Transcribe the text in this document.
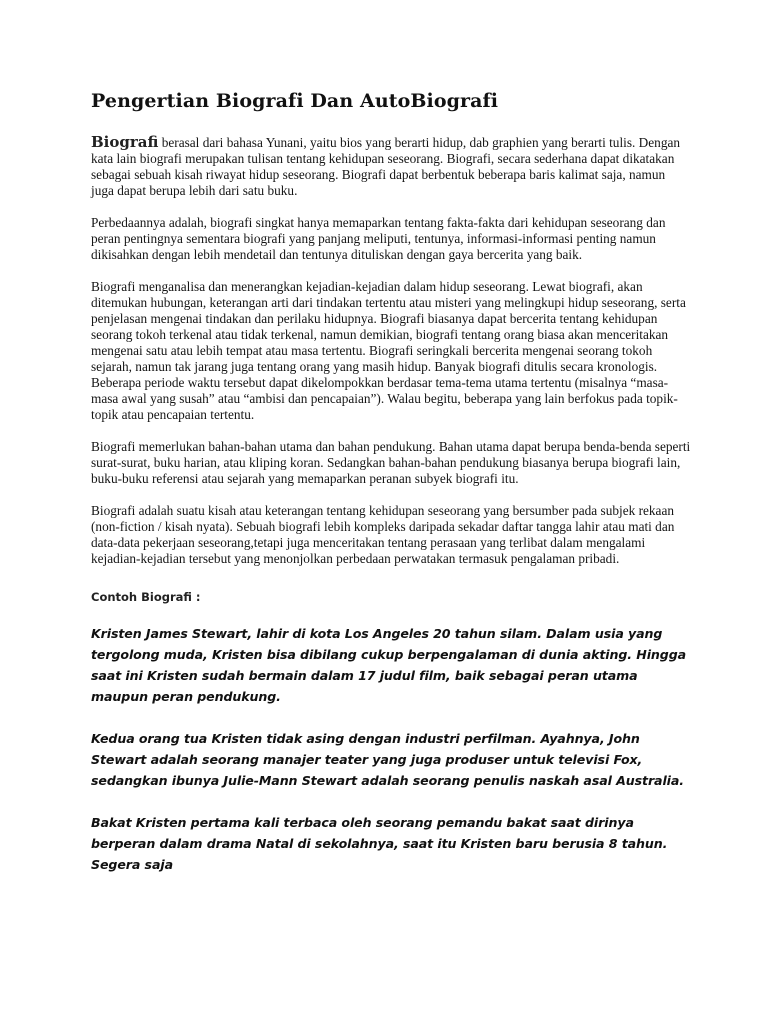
Pengertian Biografi Dan AutoBiografi

Biografi berasal dari bahasa Yunani, yaitu bios yang berarti hidup, dab graphien yang berarti tulis. Dengan kata lain biografi merupakan tulisan tentang kehidupan seseorang. Biografi, secara sederhana dapat dikatakan sebagai sebuah kisah riwayat hidup seseorang. Biografi dapat berbentuk beberapa baris kalimat saja, namun juga dapat berupa lebih dari satu buku.

Perbedaannya adalah, biografi singkat hanya memaparkan tentang fakta-fakta dari kehidupan seseorang dan peran pentingnya sementara biografi yang panjang meliputi, tentunya, informasi-informasi penting namun dikisahkan dengan lebih mendetail dan tentunya dituliskan dengan gaya bercerita yang baik.

Biografi menganalisa dan menerangkan kejadian-kejadian dalam hidup seseorang. Lewat biografi, akan ditemukan hubungan, keterangan arti dari tindakan tertentu atau misteri yang melingkupi hidup seseorang, serta penjelasan mengenai tindakan dan perilaku hidupnya. Biografi biasanya dapat bercerita tentang kehidupan seorang tokoh terkenal atau tidak terkenal, namun demikian, biografi tentang orang biasa akan menceritakan mengenai satu atau lebih tempat atau masa tertentu. Biografi seringkali bercerita mengenai seorang tokoh sejarah, namun tak jarang juga tentang orang yang masih hidup. Banyak biografi ditulis secara kronologis. Beberapa periode waktu tersebut dapat dikelompokkan berdasar tema-tema utama tertentu (misalnya “masa-masa awal yang susah” atau “ambisi dan pencapaian”). Walau begitu, beberapa yang lain berfokus pada topik-topik atau pencapaian tertentu.

Biografi memerlukan bahan-bahan utama dan bahan pendukung. Bahan utama dapat berupa benda-benda seperti surat-surat, buku harian, atau kliping koran. Sedangkan bahan-bahan pendukung biasanya berupa biografi lain, buku-buku referensi atau sejarah yang memaparkan peranan subyek biografi itu.

Biografi adalah suatu kisah atau keterangan tentang kehidupan seseorang yang bersumber pada subjek rekaan (non-fiction / kisah nyata). Sebuah biografi lebih kompleks daripada sekadar daftar tangga lahir atau mati dan data-data pekerjaan seseorang,tetapi juga menceritakan tentang perasaan yang terlibat dalam mengalami kejadian-kejadian tersebut yang menonjolkan perbedaan perwatakan termasuk pengalaman pribadi.

Contoh Biografi :

Kristen James Stewart, lahir di kota Los Angeles 20 tahun silam. Dalam usia yang tergolong muda, Kristen bisa dibilang cukup berpengalaman di dunia akting. Hingga saat ini Kristen sudah bermain dalam 17 judul film, baik sebagai peran utama maupun peran pendukung.

Kedua orang tua Kristen tidak asing dengan industri perfilman. Ayahnya, John Stewart adalah seorang manajer teater yang juga produser untuk televisi Fox, sedangkan ibunya Julie-Mann Stewart adalah seorang penulis naskah asal Australia.

Bakat Kristen pertama kali terbaca oleh seorang pemandu bakat saat dirinya berperan dalam drama Natal di sekolahnya, saat itu Kristen baru berusia 8 tahun. Segera saja
